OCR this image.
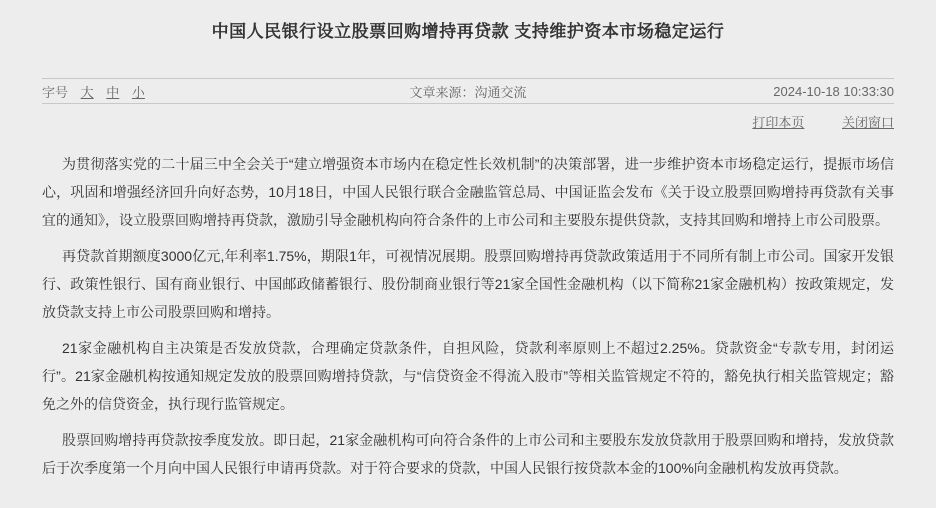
中国人民银行设立股票回购增持再贷款 支持维护资本市场稳定运行
字号 大 中 小	文章来源：沟通交流	2024-10-18 10:33:30
打印本页	关闭窗口

为贯彻落实党的二十届三中全会关于“建立增强资本市场内在稳定性长效机制”的决策部署，进一步维护资本市场稳定运行，提振市场信心，巩固和增强经济回升向好态势，10月18日，中国人民银行联合金融监管总局、中国证监会发布《关于设立股票回购增持再贷款有关事宜的通知》，设立股票回购增持再贷款，激励引导金融机构向符合条件的上市公司和主要股东提供贷款，支持其回购和增持上市公司股票。

再贷款首期额度3000亿元,年利率1.75%，期限1年，可视情况展期。股票回购增持再贷款政策适用于不同所有制上市公司。国家开发银行、政策性银行、国有商业银行、中国邮政储蓄银行、股份制商业银行等21家全国性金融机构（以下简称21家金融机构）按政策规定，发放贷款支持上市公司股票回购和增持。

21家金融机构自主决策是否发放贷款，合理确定贷款条件，自担风险，贷款利率原则上不超过2.25%。贷款资金“专款专用，封闭运行”。21家金融机构按通知规定发放的股票回购增持贷款，与“信贷资金不得流入股市”等相关监管规定不符的，豁免执行相关监管规定；豁免之外的信贷资金，执行现行监管规定。

股票回购增持再贷款按季度发放。即日起，21家金融机构可向符合条件的上市公司和主要股东发放贷款用于股票回购和增持，发放贷款后于次季度第一个月向中国人民银行申请再贷款。对于符合要求的贷款，中国人民银行按贷款本金的100%向金融机构发放再贷款。
